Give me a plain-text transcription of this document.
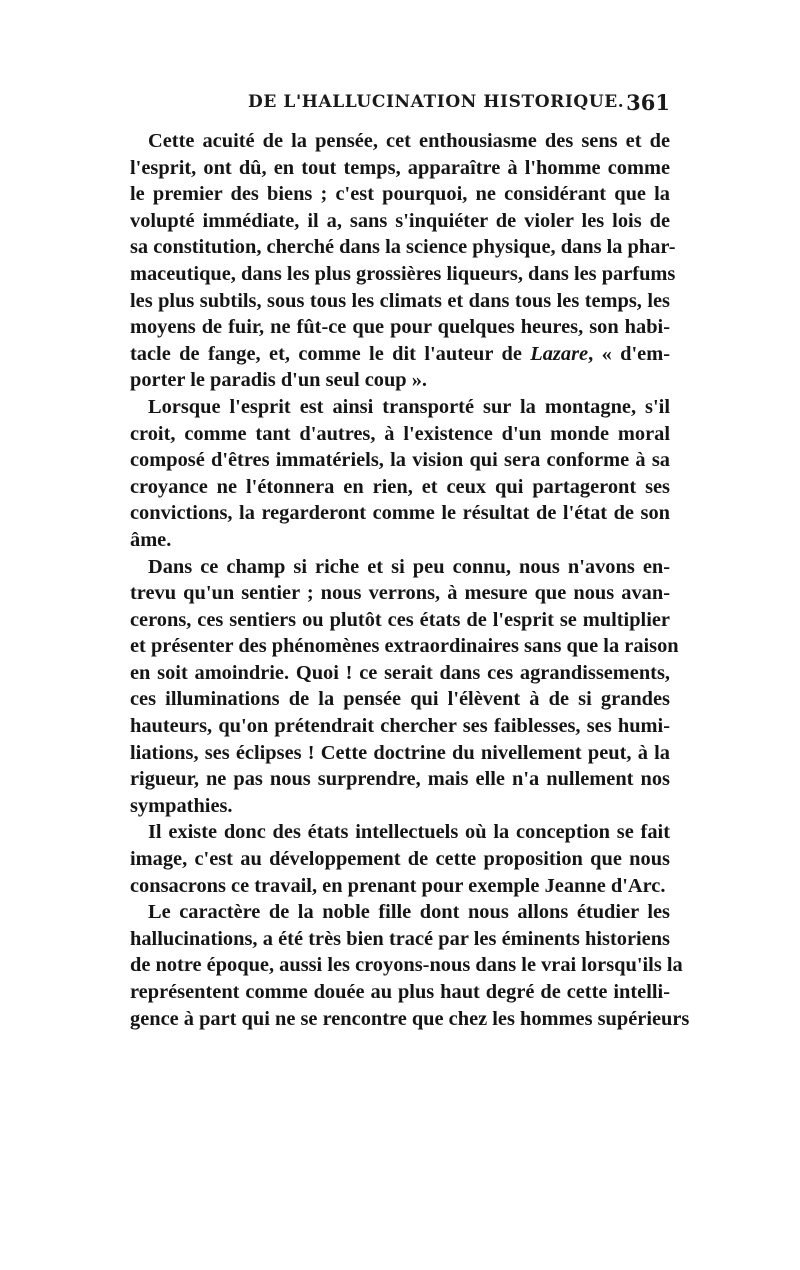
DE L'HALLUCINATION HISTORIQUE. 361

Cette acuité de la pensée, cet enthousiasme des sens et de
l'esprit, ont dû, en tout temps, apparaître à l'homme comme
le premier des biens ; c'est pourquoi, ne considérant que la
volupté immédiate, il a, sans s'inquiéter de violer les lois de
sa constitution, cherché dans la science physique, dans la phar-
maceutique, dans les plus grossières liqueurs, dans les parfums
les plus subtils, sous tous les climats et dans tous les temps, les
moyens de fuir, ne fût-ce que pour quelques heures, son habi-
tacle de fange, et, comme le dit l'auteur de Lazare, « d'em-
porter le paradis d'un seul coup ».

Lorsque l'esprit est ainsi transporté sur la montagne, s'il
croit, comme tant d'autres, à l'existence d'un monde moral
composé d'êtres immatériels, la vision qui sera conforme à sa
croyance ne l'étonnera en rien, et ceux qui partageront ses
convictions, la regarderont comme le résultat de l'état de son
âme.

Dans ce champ si riche et si peu connu, nous n'avons en-
trevu qu'un sentier ; nous verrons, à mesure que nous avan-
cerons, ces sentiers ou plutôt ces états de l'esprit se multiplier
et présenter des phénomènes extraordinaires sans que la raison
en soit amoindrie. Quoi ! ce serait dans ces agrandissements,
ces illuminations de la pensée qui l'élèvent à de si grandes
hauteurs, qu'on prétendrait chercher ses faiblesses, ses humi-
liations, ses éclipses ! Cette doctrine du nivellement peut, à la
rigueur, ne pas nous surprendre, mais elle n'a nullement nos
sympathies.

Il existe donc des états intellectuels où la conception se fait
image, c'est au développement de cette proposition que nous
consacrons ce travail, en prenant pour exemple Jeanne d'Arc.

Le caractère de la noble fille dont nous allons étudier les
hallucinations, a été très bien tracé par les éminents historiens
de notre époque, aussi les croyons-nous dans le vrai lorsqu'ils la
représentent comme douée au plus haut degré de cette intelli-
gence à part qui ne se rencontre que chez les hommes supérieurs
